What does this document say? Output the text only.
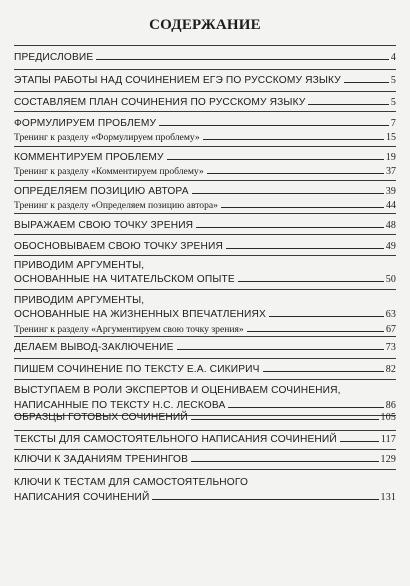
СОДЕРЖАНИЕ
ПРЕДИСЛОВИЕ	4
ЭТАПЫ РАБОТЫ НАД СОЧИНЕНИЕМ ЕГЭ ПО РУССКОМУ ЯЗЫКУ	5
СОСТАВЛЯЕМ ПЛАН СОЧИНЕНИЯ ПО РУССКОМУ ЯЗЫКУ	5
ФОРМУЛИРУЕМ ПРОБЛЕМУ	7
Тренинг к разделу «Формулируем проблему»	15
КОММЕНТИРУЕМ ПРОБЛЕМУ	19
Тренинг к разделу «Комментируем проблему»	37
ОПРЕДЕЛЯЕМ ПОЗИЦИЮ АВТОРА	39
Тренинг к разделу «Определяем позицию автора»	44
ВЫРАЖАЕМ СВОЮ ТОЧКУ ЗРЕНИЯ	48
ОБОСНОВЫВАЕМ СВОЮ ТОЧКУ ЗРЕНИЯ	49
ПРИВОДИМ АРГУМЕНТЫ,
ОСНОВАННЫЕ НА ЧИТАТЕЛЬСКОМ ОПЫТЕ	50
ПРИВОДИМ АРГУМЕНТЫ,
ОСНОВАННЫЕ НА ЖИЗНЕННЫХ ВПЕЧАТЛЕНИЯХ	63
Тренинг к разделу «Аргументируем свою точку зрения»	67
ДЕЛАЕМ ВЫВОД-ЗАКЛЮЧЕНИЕ	73
ПИШЕМ СОЧИНЕНИЕ ПО ТЕКСТУ Е.А. СИКИРИЧ	82
ВЫСТУПАЕМ В РОЛИ ЭКСПЕРТОВ И ОЦЕНИВАЕМ СОЧИНЕНИЯ,
НАПИСАННЫЕ ПО ТЕКСТУ Н.С. ЛЕСКОВА	86
ОБРАЗЦЫ ГОТОВЫХ СОЧИНЕНИЙ	105
ТЕКСТЫ ДЛЯ САМОСТОЯТЕЛЬНОГО НАПИСАНИЯ СОЧИНЕНИЙ	117
КЛЮЧИ К ЗАДАНИЯМ ТРЕНИНГОВ	129
КЛЮЧИ К ТЕСТАМ ДЛЯ САМОСТОЯТЕЛЬНОГО
НАПИСАНИЯ СОЧИНЕНИЙ	131
